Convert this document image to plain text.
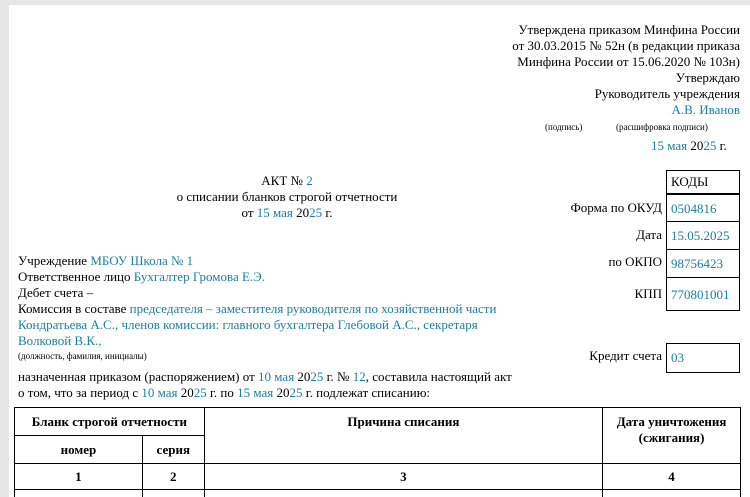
Утверждена приказом Минфина России
от 30.03.2015 № 52н (в редакции приказа
Минфина России от 15.06.2020 № 103н)
Утверждаю
Руководитель учреждения
А.В. Иванов
(подпись)	(расшифровка подписи)
15 мая 2025 г.
АКТ № 2
о списании бланков строгой отчетности
от 15 мая 2025 г.
КОДЫ
Форма по ОКУД 0504816
Дата 15.05.2025
по ОКПО 98756423
КПП 770801001
Кредит счета 03
Учреждение МБОУ Школа № 1
Ответственное лицо Бухгалтер Громова Е.Э.
Дебет счета –
Комиссия в составе председателя – заместителя руководителя по хозяйственной части
Кондратьева А.С., членов комиссии: главного бухгалтера Глебовой А.С., секретаря
Волковой В.К.,
(должность, фамилия, инициалы)
назначенная приказом (распоряжением) от 10 мая 2025 г. № 12, составила настоящий акт
о том, что за период с 10 мая 2025 г. по 15 мая 2025 г. подлежат списанию:
Бланк строгой отчетности		Причина списания	Дата уничтожения
(сжигания)

номер	серия		
1	2	3	4
